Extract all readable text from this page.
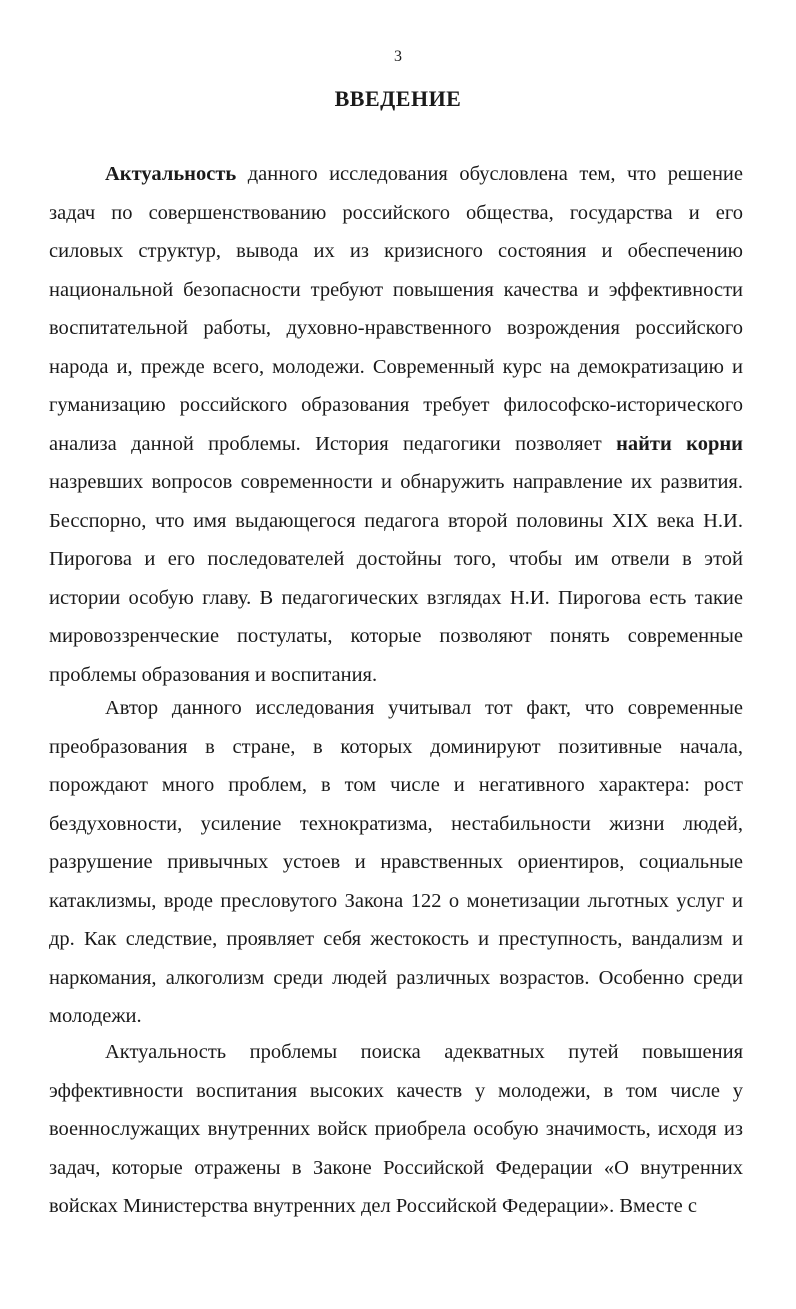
3
ВВЕДЕНИЕ

Актуальность данного исследования обусловлена тем, что решение задач по совершенствованию российского общества, государства и его силовых структур, вывода их из кризисного состояния и обеспечению национальной безопасности требуют повышения качества и эффективности воспитательной работы, духовно-нравственного возрождения российского народа и, прежде всего, молодежи. Современный курс на демократизацию и гуманизацию российского образования требует философско-исторического анализа данной проблемы. История педагогики позволяет найти корни назревших вопросов современности и обнаружить направление их развития. Бесспорно, что имя выдающегося педагога второй половины XIX века Н.И. Пирогова и его последователей достойны того, чтобы им отвели в этой истории особую главу. В педагогических взглядах Н.И. Пирогова есть такие мировоззренческие постулаты, которые позволяют понять современные проблемы образования и воспитания.

Автор данного исследования учитывал тот факт, что современные преобразования в стране, в которых доминируют позитивные начала, порождают много проблем, в том числе и негативного характера: рост бездуховности, усиление технократизма, нестабильности жизни людей, разрушение привычных устоев и нравственных ориентиров, социальные катаклизмы, вроде пресловутого Закона 122 о монетизации льготных услуг и др. Как следствие, проявляет себя жестокость и преступность, вандализм и наркомания, алкоголизм среди людей различных возрастов. Особенно среди молодежи.

Актуальность проблемы поиска адекватных путей повышения эффективности воспитания высоких качеств у молодежи, в том числе у военнослужащих внутренних войск приобрела особую значимость, исходя из задач, которые отражены в Законе Российской Федерации «О внутренних войсках Министерства внутренних дел Российской Федерации». Вместе с
